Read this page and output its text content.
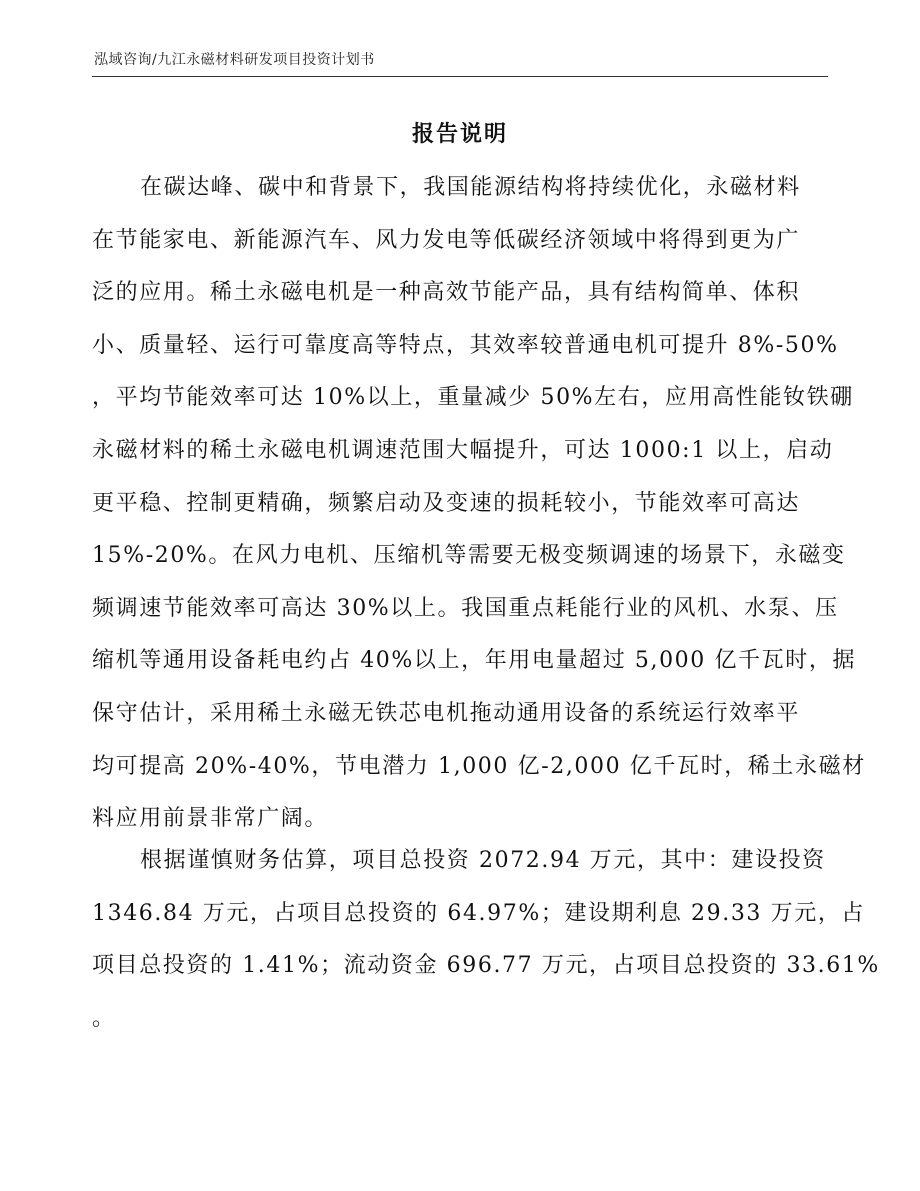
泓域咨询/九江永磁材料研发项目投资计划书
报告说明
在碳达峰、碳中和背景下，我国能源结构将持续优化，永磁材料
在节能家电、新能源汽车、风力发电等低碳经济领域中将得到更为广
泛的应用。稀土永磁电机是一种高效节能产品，具有结构简单、体积
小、质量轻、运行可靠度高等特点，其效率较普通电机可提升 8%-50%
，平均节能效率可达 10%以上，重量减少 50%左右，应用高性能钕铁硼
永磁材料的稀土永磁电机调速范围大幅提升，可达 1000:1 以上，启动
更平稳、控制更精确，频繁启动及变速的损耗较小，节能效率可高达
15%-20%。在风力电机、压缩机等需要无极变频调速的场景下，永磁变
频调速节能效率可高达 30%以上。我国重点耗能行业的风机、水泵、压
缩机等通用设备耗电约占 40%以上，年用电量超过 5,000 亿千瓦时，据
保守估计，采用稀土永磁无铁芯电机拖动通用设备的系统运行效率平
均可提高 20%-40%，节电潜力 1,000 亿-2,000 亿千瓦时，稀土永磁材
料应用前景非常广阔。
根据谨慎财务估算，项目总投资 2072.94 万元，其中：建设投资
1346.84 万元，占项目总投资的 64.97%；建设期利息 29.33 万元，占
项目总投资的 1.41%；流动资金 696.77 万元，占项目总投资的 33.61%
。
